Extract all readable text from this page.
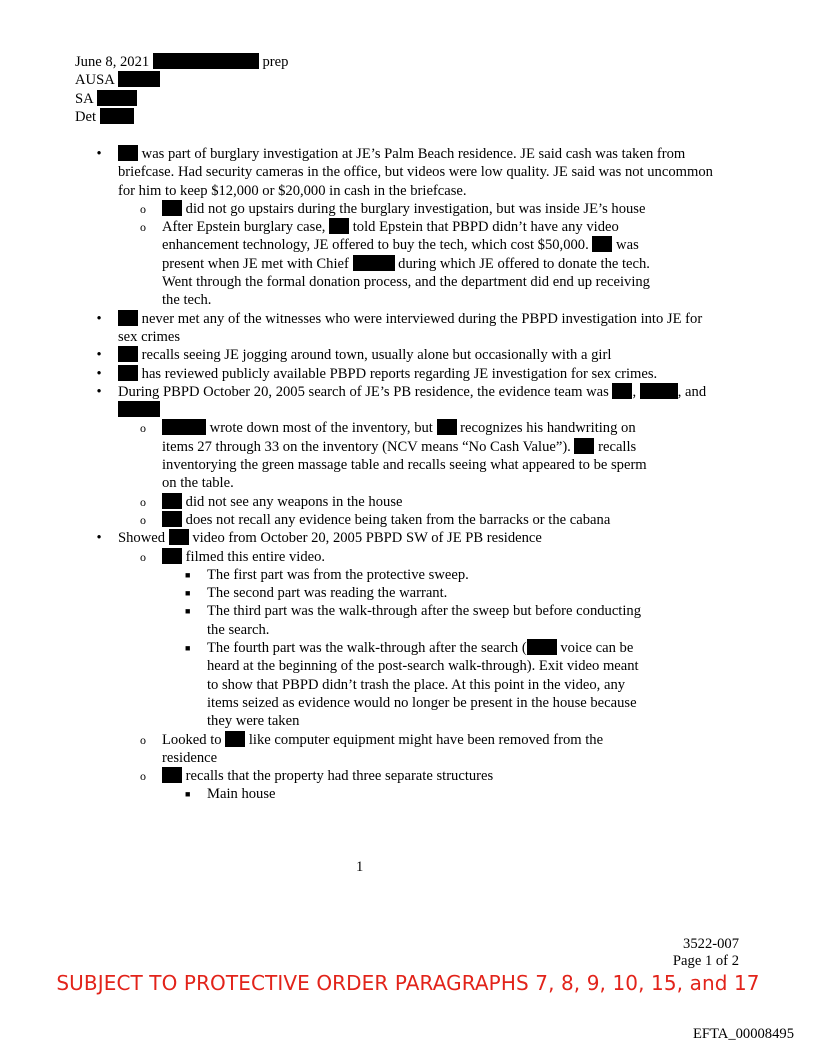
June 8, 2021	prep
AUSA
SA
Det
• was part of burglary investigation at JE’s Palm Beach residence. JE said cash was taken from briefcase. Had security cameras in the office, but videos were low quality. JE said was not uncommon for him to keep $12,000 or $20,000 in cash in the briefcase.
o did not go upstairs during the burglary investigation, but was inside JE’s house
o After Epstein burglary case,  told Epstein that PBPD didn’t have any video enhancement technology, JE offered to buy the tech, which cost $50,000.  was present when JE met with Chief	during which JE offered to donate the tech. Went through the formal donation process, and the department did end up receiving the tech.
• never met any of the witnesses who were interviewed during the PBPD investigation into JE for sex crimes
• recalls seeing JE jogging around town, usually alone but occasionally with a girl
• has reviewed publicly available PBPD reports regarding JE investigation for sex crimes.
• During PBPD October 20, 2005 search of JE’s PB residence, the evidence team was ,	, and
o	wrote down most of the inventory, but  recognizes his handwriting on items 27 through 33 on the inventory (NCV means “No Cash Value”).  recalls inventorying the green massage table and recalls seeing what appeared to be sperm on the table.
o did not see any weapons in the house
o does not recall any evidence being taken from the barracks or the cabana
• Showed  video from October 20, 2005 PBPD SW of JE PB residence
o filmed this entire video.
■ The first part was from the protective sweep.
■ The second part was reading the warrant.
■ The third part was the walk-through after the sweep but before conducting the search.
■ The fourth part was the walk-through after the search ( voice can be heard at the beginning of the post-search walk-through). Exit video meant to show that PBPD didn’t trash the place. At this point in the video, any items seized as evidence would no longer be present in the house because they were taken
o Looked to  like computer equipment might have been removed from the residence
o recalls that the property had three separate structures
■ Main house
1
3522-007
Page 1 of 2
SUBJECT TO PROTECTIVE ORDER PARAGRAPHS 7, 8, 9, 10, 15, and 17
EFTA_00008495
